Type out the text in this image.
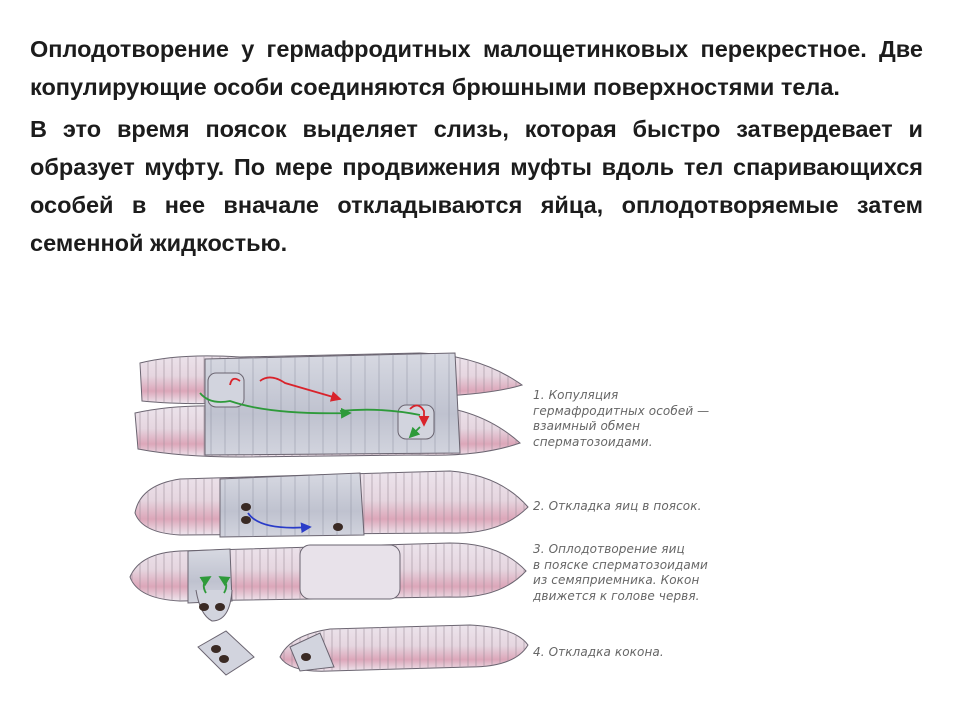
Оплодотворение у гермафродитных малощетинковых перекрестное. Две копулирующие особи соединяются брюшными поверхностями тела.

В это время поясок выделяет слизь, которая быстро затвердевает и образует муфту. По мере продвижения муфты вдоль тел спаривающихся особей в нее вначале откладываются яйца, оплодотворяемые затем семенной жидкостью.

1. Копуляция
гермафродитных особей —
взаимный обмен
сперматозоидами.
2. Откладка яиц в поясок.
3. Оплодотворение яиц
в пояске сперматозоидами
из семяприемника. Кокон
движется к голове червя.
4. Откладка кокона.
